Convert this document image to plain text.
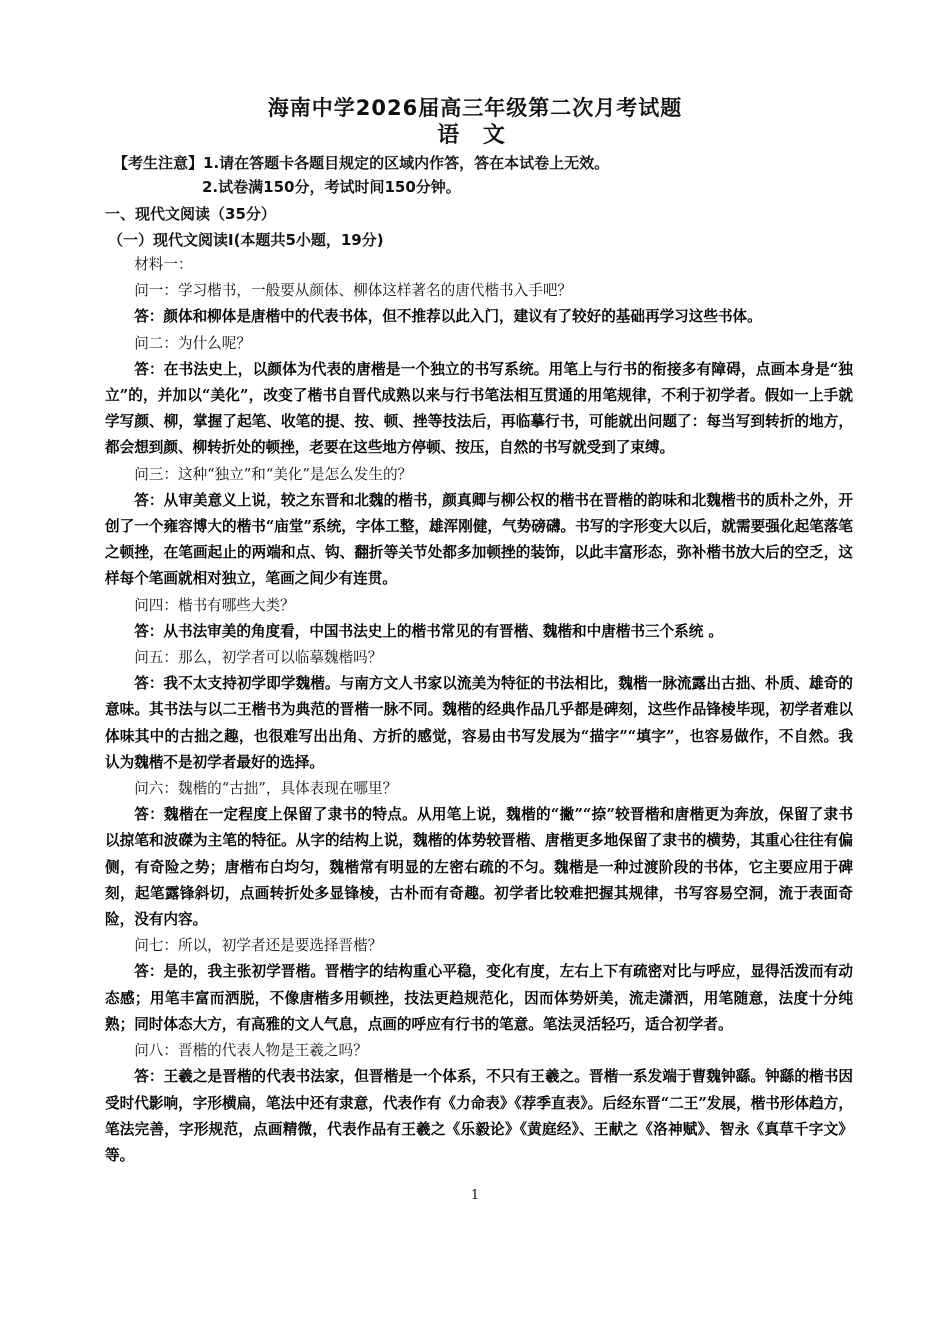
海南中学2026届高三年级第二次月考试题
语 文
【考生注意】1.请在答题卡各题目规定的区域内作答，答在本试卷上无效。
2.试卷满150分，考试时间150分钟。
一、现代文阅读（35分）
（一）现代文阅读Ⅰ(本题共5小题，19分)

材料一：

问一：学习楷书，一般要从颜体、柳体这样著名的唐代楷书入手吧？

答：颜体和柳体是唐楷中的代表书体，但不推荐以此入门，建议有了较好的基础再学习这些书体。

问二：为什么呢？

答：在书法史上，以颜体为代表的唐楷是一个独立的书写系统。用笔上与行书的衔接多有障碍，点画本身是“独立”的，并加以“美化”，改变了楷书自晋代成熟以来与行书笔法相互贯通的用笔规律，不利于初学者。假如一上手就学写颜、柳，掌握了起笔、收笔的提、按、顿、挫等技法后，再临摹行书，可能就出问题了：每当写到转折的地方，都会想到颜、柳转折处的顿挫，老要在这些地方停顿、按压，自然的书写就受到了束缚。

问三：这种“独立”和“美化”是怎么发生的？

答：从审美意义上说，较之东晋和北魏的楷书，颜真卿与柳公权的楷书在晋楷的韵味和北魏楷书的质朴之外，开创了一个雍容博大的楷书“庙堂”系统，字体工整，雄浑刚健，气势磅礴。书写的字形变大以后，就需要强化起笔落笔之顿挫，在笔画起止的两端和点、钩、翻折等关节处都多加顿挫的装饰，以此丰富形态，弥补楷书放大后的空乏，这样每个笔画就相对独立，笔画之间少有连贯。

问四：楷书有哪些大类？

答：从书法审美的角度看，中国书法史上的楷书常见的有晋楷、魏楷和中唐楷书三个系统 。

问五：那么，初学者可以临摹魏楷吗？

答：我不太支持初学即学魏楷。与南方文人书家以流美为特征的书法相比，魏楷一脉流露出古拙、朴质、雄奇的意味。其书法与以二王楷书为典范的晋楷一脉不同。魏楷的经典作品几乎都是碑刻，这些作品锋棱毕现，初学者难以体味其中的古拙之趣，也很难写出出角、方折的感觉，容易由书写发展为“描字”“填字”，也容易做作，不自然。我认为魏楷不是初学者最好的选择。

问六：魏楷的“古拙”，具体表现在哪里？

答：魏楷在一定程度上保留了隶书的特点。从用笔上说，魏楷的“撇”“捺”较晋楷和唐楷更为奔放，保留了隶书以掠笔和波磔为主笔的特征。从字的结构上说，魏楷的体势较晋楷、唐楷更多地保留了隶书的横势，其重心往往有偏侧，有奇险之势；唐楷布白均匀，魏楷常有明显的左密右疏的不匀。魏楷是一种过渡阶段的书体，它主要应用于碑刻，起笔露锋斜切，点画转折处多显锋棱，古朴而有奇趣。初学者比较难把握其规律，书写容易空洞，流于表面奇险，没有内容。

问七：所以，初学者还是要选择晋楷？

答：是的，我主张初学晋楷。晋楷字的结构重心平稳，变化有度，左右上下有疏密对比与呼应，显得活泼而有动态感；用笔丰富而洒脱，不像唐楷多用顿挫，技法更趋规范化，因而体势妍美，流走潇洒，用笔随意，法度十分纯熟；同时体态大方，有高雅的文人气息，点画的呼应有行书的笔意。笔法灵活轻巧，适合初学者。

问八：晋楷的代表人物是王羲之吗？

答：王羲之是晋楷的代表书法家，但晋楷是一个体系，不只有王羲之。晋楷一系发端于曹魏钟繇。钟繇的楷书因受时代影响，字形横扁，笔法中还有隶意，代表作有《力命表》《荐季直表》。后经东晋“二王”发展，楷书形体趋方，笔法完善，字形规范，点画精微，代表作品有王羲之《乐毅论》《黄庭经》、王献之《洛神赋》、智永《真草千字文》等。

1
